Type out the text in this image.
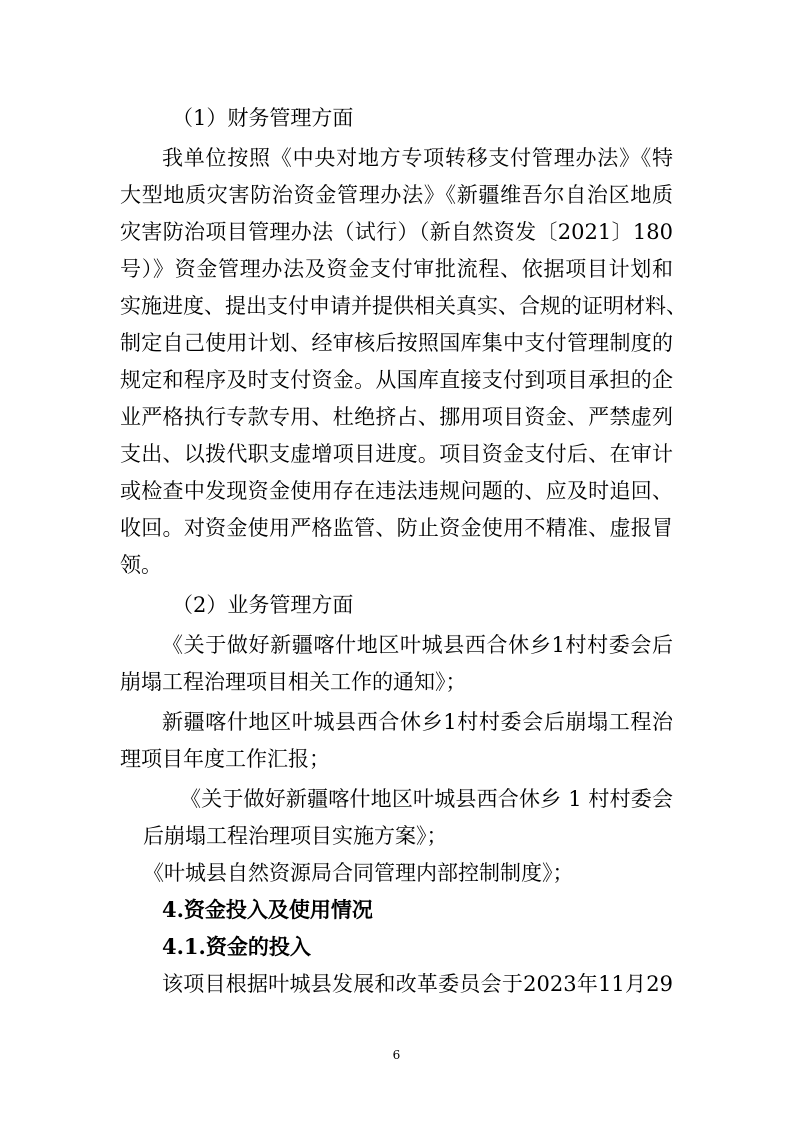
（1）财务管理方面
我单位按照《中央对地方专项转移支付管理办法》《特
大型地质灾害防治资金管理办法》《新疆维吾尔自治区地质
灾害防治项目管理办法（试行）（新自然资发〔2021〕180
号）》资金管理办法及资金支付审批流程、依据项目计划和
实施进度、提出支付申请并提供相关真实、合规的证明材料、
制定自己使用计划、经审核后按照国库集中支付管理制度的
规定和程序及时支付资金。从国库直接支付到项目承担的企
业严格执行专款专用、杜绝挤占、挪用项目资金、严禁虚列
支出、以拨代职支虚增项目进度。项目资金支付后、在审计
或检查中发现资金使用存在违法违规问题的、应及时追回、
收回。对资金使用严格监管、防止资金使用不精准、虚报冒
领。
（2）业务管理方面
《关于做好新疆喀什地区叶城县西合休乡1村村委会后
崩塌工程治理项目相关工作的通知》；
新疆喀什地区叶城县西合休乡1村村委会后崩塌工程治
理项目年度工作汇报；
《关于做好新疆喀什地区叶城县西合休乡 1 村村委会
后崩塌工程治理项目实施方案》；
《叶城县自然资源局合同管理内部控制制度》；
4.资金投入及使用情况
4.1.资金的投入
该项目根据叶城县发展和改革委员会于2023年11月29
6
